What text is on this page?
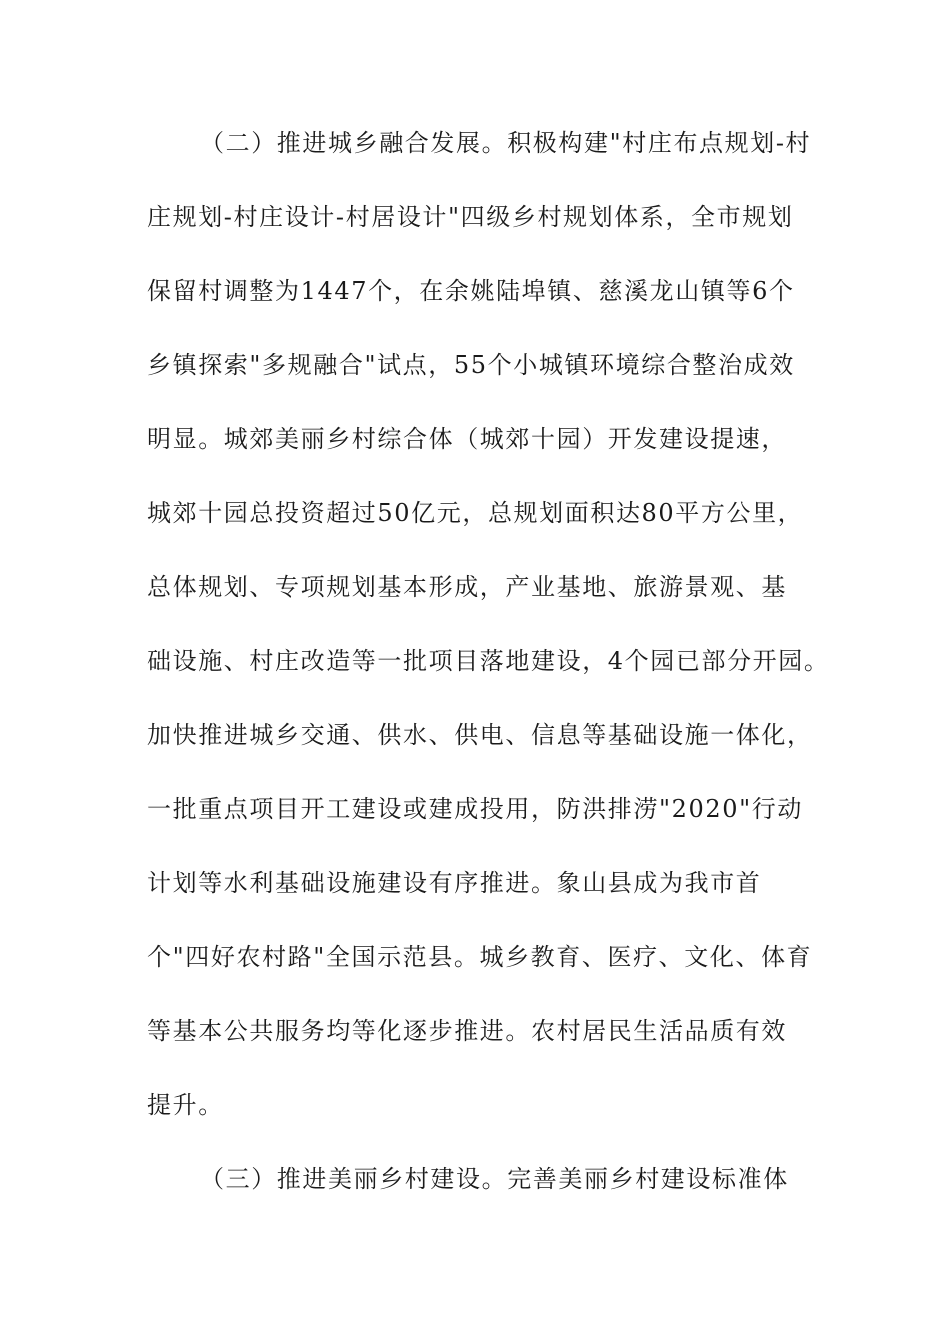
（二）推进城乡融合发展。积极构建"村庄布点规划-村
庄规划-村庄设计-村居设计"四级乡村规划体系，全市规划
保留村调整为1447个，在余姚陆埠镇、慈溪龙山镇等6个
乡镇探索"多规融合"试点，55个小城镇环境综合整治成效
明显。城郊美丽乡村综合体（城郊十园）开发建设提速，
城郊十园总投资超过50亿元，总规划面积达80平方公里，
总体规划、专项规划基本形成，产业基地、旅游景观、基
础设施、村庄改造等一批项目落地建设，4个园已部分开园。
加快推进城乡交通、供水、供电、信息等基础设施一体化，
一批重点项目开工建设或建成投用，防洪排涝"2020"行动
计划等水利基础设施建设有序推进。象山县成为我市首
个"四好农村路"全国示范县。城乡教育、医疗、文化、体育
等基本公共服务均等化逐步推进。农村居民生活品质有效
提升。
（三）推进美丽乡村建设。完善美丽乡村建设标准体
